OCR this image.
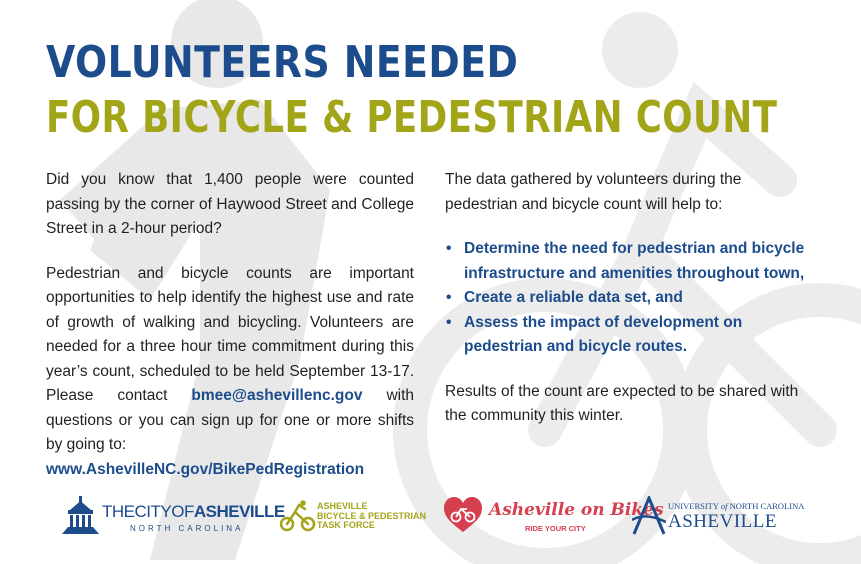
VOLUNTEERS NEEDED
FOR BICYCLE & PEDESTRIAN COUNT

Did you know that 1,400 people were counted passing by the corner of Haywood Street and College Street in a 2-hour period?

Pedestrian and bicycle counts are important opportunities to help identify the highest use and rate of growth of walking and bicycling. Volunteers are needed for a three hour time commitment during this year’s count, scheduled to be held September 13-17. Please contact bmee@ashevillenc.gov with questions or you can sign up for one or more shifts by going to:
www.AshevilleNC.gov/BikePedRegistration

The data gathered by volunteers during the pedestrian and bicycle count will help to:

• Determine the need for pedestrian and bicycle infrastructure and amenities throughout town,
• Create a reliable data set, and
• Assess the impact of development on pedestrian and bicycle routes.

Results of the count are expected to be shared with the community this winter.

THECITYOFASHEVILLE
NORTH CAROLINA
ASHEVILLE
BICYCLE & PEDESTRIAN
TASK FORCE
Asheville on Bikes
RIDE YOUR CITY
UNIVERSITY of NORTH CAROLINA
ASHEVILLE
